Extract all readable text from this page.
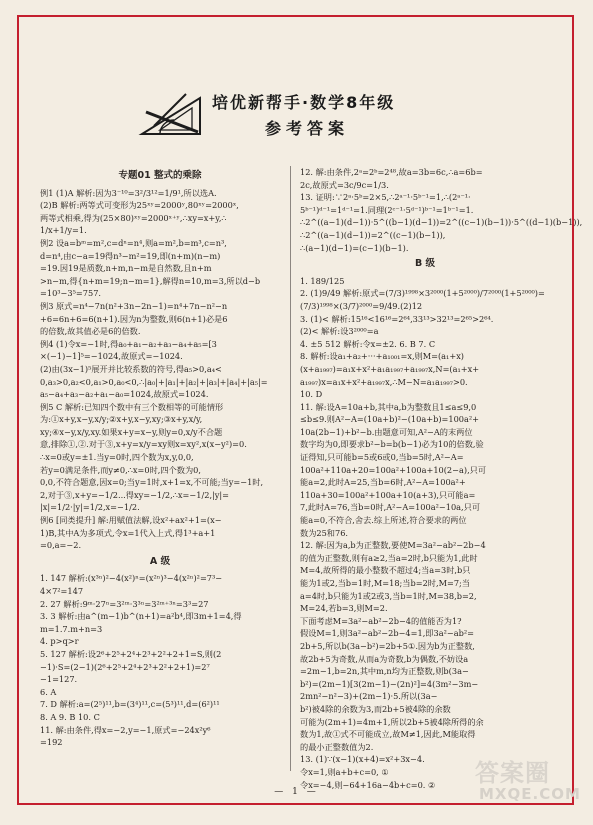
培优新帮手·数学8年级
参考答案
专题01 整式的乘除
例1 (1)A 解析:因为3⁻¹⁰=3²/3¹²=1/9¹,所以选A.
(2)B 解析:两等式可变形为25ˣʸ=2000ʸ,80ˣʸ=2000ˣ,
两等式相乘,得为(25×80)ˣʸ=2000ˣ⁺ʸ,∴xy=x+y,∴
1/x+1/y=1.
例2 设a=bᵐ=m²,c=dⁿ=n⁴,则a=m²,b=m³,c=n³,
d=n⁴,由c−a=19得n³−m²=19,即(n+m)(n−m)
=19.因19是质数,n+m,n−m是自然数,且n+m
>n−m,得{n+m=19;n−m=1},解得n=10,m=3,所以d−b
=10³−3⁵=757.
例3 原式=n⁴−7n(n²+3n−2n−1)=n⁴+7n−n²−n
+6=6n+6=6(n+1).因为n为整数,则6(n+1)必是6
的倍数,故其值必是6的倍数.
例4 (1)令x=−1时,得a₀+a₁−a₂+a₃−a₄+a₅=[3
×(−1)−1]⁵=−1024,故原式=−1024.
(2)由(3x−1)⁵展开并比较系数的符号,得a₅>0,a₄<
0,a₃>0,a₂<0,a₁>0,a₀<0,∴|a₀|+|a₁|+|a₂|+|a₃|+|a₄|+|a₅|=
a₅−a₄+a₃−a₂+a₁−a₀=1024,故原式=1024.
例5 C 解析:已知四个数中有三个数相等的可能情形
为:①x+y,x−y,x/y;②x+y,x−y,xy;③x+y,x/y,
xy;④x−y,x/y,xy.如果x+y=x−y,则y=0,x/y不合题
意,排除①,②.对于③,x+y=x/y=xy则x=xy²,x(x−y²)=0.
∴x=0或y=±1.当y=0时,四个数为x,y,0,0,
若y=0满足条件,而y≠0,∴x=0时,四个数为0,
0,0,不符合题意,因x=0;当y=1时,x+1=x,不可能;当y=−1时,
2,对于③,x+y=−1/2...得xy=−1/2,∴x=−1/2,|y|=
|x|=1/2·|y|=1/2,x=−1/2.
例6 [同类提升] 解:用赋值法解,设x²+ax²+1=(x−
1)B,其中A为多项式,令x=1代入上式,得1³+a+1
=0,a=−2.
A 级
1. 147 解析:(x³ⁿ)²−4(x²)ⁿ=(x²ⁿ)³−4(x²ⁿ)²=7³−
4×7²=147
2. 27 解析:9ᵐ·27ⁿ=3²ᵐ·3³ⁿ=3²ᵐ⁺³ⁿ=3³=27
3. 3 解析:由a^(m−1)b^(n+1)=a²b⁴,即3m+1=4,得
m=1.7.m+n=3
4. p>q>r
5. 127 解析:设2⁶+2⁵+2⁴+2³+2²+2+1=S,则(2
−1)·S=(2−1)(2⁶+2⁵+2⁴+2³+2²+2+1)=2⁷
−1=127.
6. A
7. D 解析:a=(2⁵)¹¹,b=(3⁴)¹¹,c=(5³)¹¹,d=(6²)¹¹
8. A 9. B 10. C
11. 解:由条件,得x=−2,y=−1,原式=−24x²y⁶
=192
12. 解:由条件,2ᵃ=2ᵇ=2⁴⁸,故a=3b=6c,∴a=6b=
2c,故原式=3c/9c=1/3.
13. 证明:∵2ᵃ·5ᵇ=2×5,∴2ᵃ⁻¹·5ᵇ⁻¹=1,∴(2ᵃ⁻¹·
5ᵇ⁻¹)ᵈ⁻¹=1ᵈ⁻¹=1.同理(2ᶜ⁻¹·5ᵈ⁻¹)ᵇ⁻¹=1ᵇ⁻¹=1.
∴2^((a−1)(d−1))·5^((b−1)(d−1))=2^((c−1)(b−1))·5^((d−1)(b−1)),
∴2^((a−1)(d−1))=2^((c−1)(b−1)),
∴(a−1)(d−1)=(c−1)(b−1).
B 级
1. 189/125
2. (1)9/49 解析:原式=(7/3)¹⁹⁹⁸×3²⁰⁰⁰(1+5²⁰⁰⁰)/7²⁰⁰⁰(1+5²⁰⁰⁰)=
(7/3)¹⁹⁹⁸×(3/7)²⁰⁰⁰=9/49.(2)12
3. (1)< 解析:15¹⁶<16¹⁶=2⁶⁴,33¹³>32¹³=2⁶⁵>2⁶⁴.
(2)< 解析:设3²⁰⁰⁰=a
4. ±5 512 解析:令x=±2. 6. B 7. C
8. 解析:设a₁+a₂+···+a₁₀₀₁=x,则M=(a₁+x)
(x+a₁₉₉₇)=a₁x+x²+a₁a₁₉₉₇+a₁₉₉₇x,N=(a₁+x+
a₁₉₉₇)x=a₁x+x²+a₁₉₉₇x,∴M−N=a₁a₁₉₉₇>0.
10. D
11. 解:设A=10a+b,其中a,b为整数且1≤a≤9,0
≤b≤9.则A²−A=(10a+b)²−(10a+b)=100a²+
10a(2b−1)+b²−b.由题意可知,A²−A的末两位
数字均为0,即要求b²−b=b(b−1)必为10的倍数,验
证得知,只可能b=5或6或0,当b=5时,A²−A=
100a²+110a+20=100a²+100a+10(2−a),只可
能a=2,此时A=25,当b=6时,A²−A=100a²+
110a+30=100a²+100a+10(a+3),只可能a=
7,此时A=76,当b=0时,A²−A=100a²−10a,只可
能a=0,不符合,舍去.综上所述,符合要求的两位
数为25和76.
12. 解:因为a,b为正整数,要使M=3a²−ab²−2b−4
的值为正整数,则有a≥2,当a=2时,b只能为1,此时
M=4,故所得的最小整数不超过4;当a=3时,b只
能为1或2,当b=1时,M=18;当b=2时,M=7;当
a=4时,b只能为1或2或3,当b=1时,M=38,b=2,
M=24,若b=3,则M=2.
下面考虑M=3a²−ab²−2b−4的值能否为1?
假设M=1,则3a²−ab²−2b−4=1,即3a²−ab²=
2b+5,所以b(3a−b²)=2b+5①.因为b为正整数,
故2b+5为奇数,从而a为奇数,b为偶数,不妨设a
=2m−1,b=2n,其中m,n均为正整数,则b(3a−
b²)=(2m−1)[3(2m−1)−(2n)²]=4(3m²−3m−
2mn²−n²−3)+(2m−1)·5.所以(3a−
b²)被4除的余数为3,而2b+5被4除的余数
可能为(2m+1)=4m+1,所以2b+5被4除所得的余
数为1,故①式不可能成立,故M≠1,因此,M能取得
的最小正整数值为2.
13. (1)∵(x−1)(x+4)=x²+3x−4.
令x=1,则a+b+c=0, ①
令x=−4,则−64+16a−4b+c=0. ②
— 1 —
答案圈
MXQE.COM
